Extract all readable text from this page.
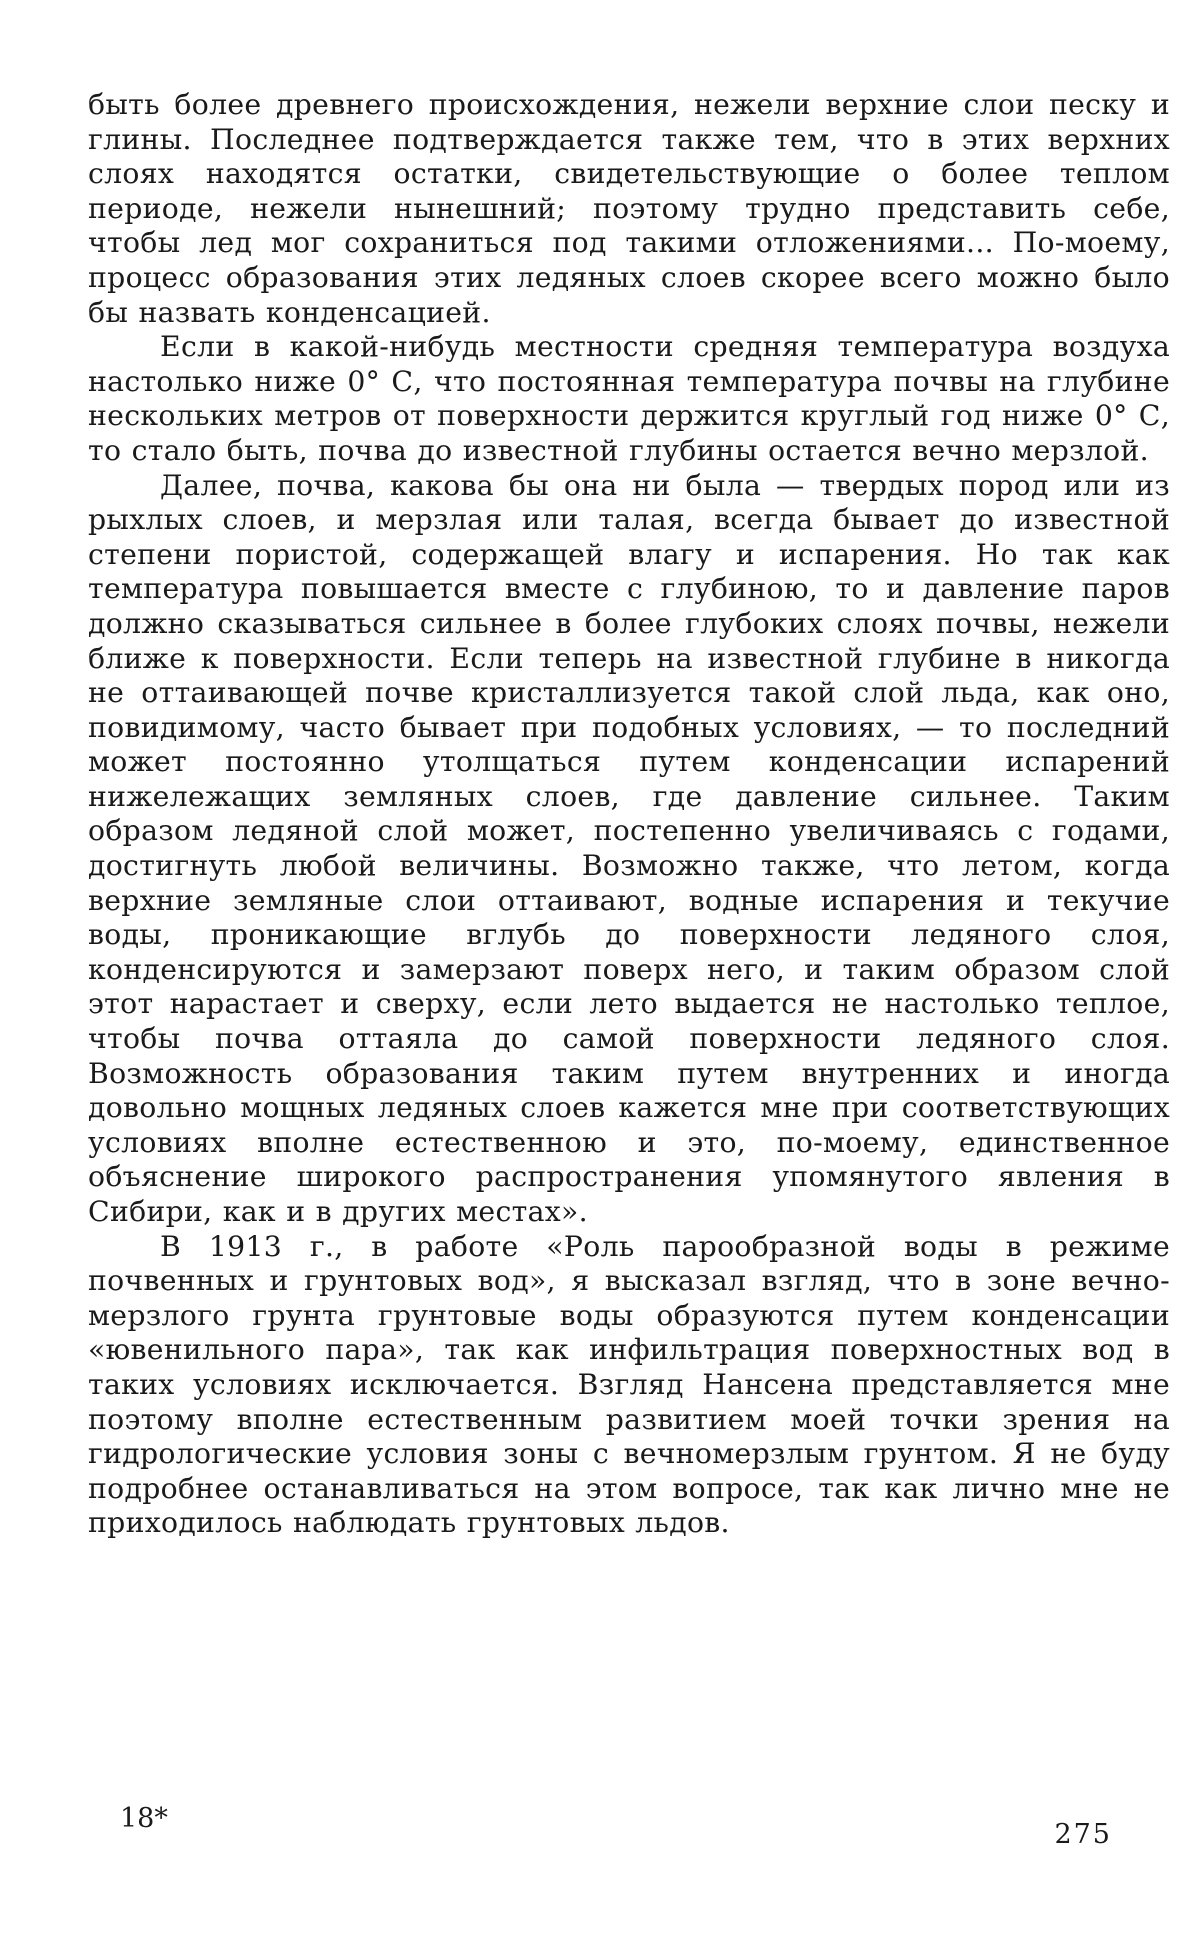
быть более древнего происхождения, нежели верхние слои песку и глины. Последнее подтверждается также тем, что в этих верхних слоях находятся остатки, свидетельствующие о более теплом периоде, нежели нынешний; поэтому трудно представить себе, чтобы лед мог сохраниться под такими отложениями... По-моему, процесс образования этих ледяных слоев скорее всего можно было бы назвать конденсацией.

Если в какой-нибудь местности средняя температура воздуха настолько ниже 0° С, что постоянная температура почвы на глубине нескольких метров от поверхности держится круглый год ниже 0° С, то стало быть, почва до известной глубины остается вечно мерзлой.

Далее, почва, какова бы она ни была — твердых пород или из рыхлых слоев, и мерзлая или талая, всегда бывает до известной степени пористой, содержащей влагу и испарения. Но так как температура повышается вместе с глубиною, то и давление паров должно сказываться сильнее в более глубоких слоях почвы, нежели ближе к поверхности. Если теперь на известной глубине в никогда не оттаивающей почве кристаллизуется такой слой льда, как оно, повидимому, часто бывает при подобных условиях, — то последний может постоянно утолщаться путем конденсации испарений нижележащих земляных слоев, где давление сильнее. Таким образом ледяной слой может, постепенно увеличиваясь с годами, достигнуть любой величины. Возможно также, что летом, когда верхние земляные слои оттаивают, водные испарения и текучие воды, проникающие вглубь до поверхности ледяного слоя, конденсируются и замерзают поверх него, и таким образом слой этот нарастает и сверху, если лето выдается не настолько теплое, чтобы почва оттаяла до самой поверхности ледяного слоя. Возможность образования таким путем внутренних и иногда довольно мощных ледяных слоев кажется мне при соответствующих условиях вполне естественною и это, по-моему, единственное объяснение широкого распространения упомянутого явления в Сибири, как и в других местах».

В 1913 г., в работе «Роль парообразной воды в режиме почвенных и грунтовых вод», я высказал взгляд, что в зоне вечно-мерзлого грунта грунтовые воды образуются путем конденсации «ювенильного пара», так как инфильтрация поверхностных вод в таких условиях исключается. Взгляд Нансена представляется мне поэтому вполне естественным развитием моей точки зрения на гидрологические условия зоны с вечномерзлым грунтом. Я не буду подробнее останавливаться на этом вопросе, так как лично мне не приходилось наблюдать грунтовых льдов.

18*
275
